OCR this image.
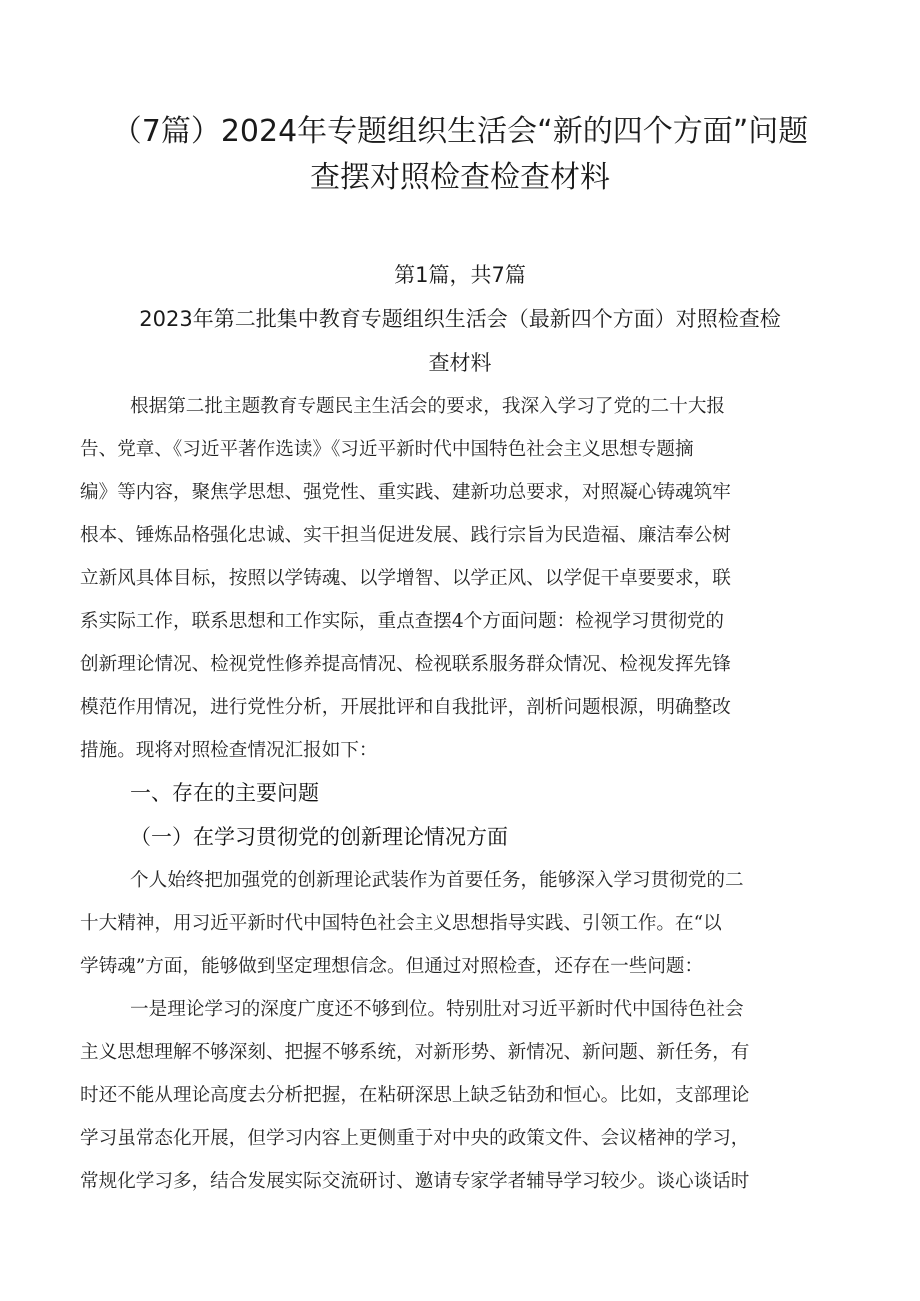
（7篇）2024年专题组织生活会“新的四个方面”问题
查摆对照检查检查材料
第1篇，共7篇
2023年第二批集中教育专题组织生活会（最新四个方面）对照检查检
查材料
根据第二批主题教育专题民主生活会的要求，我深入学习了党的二十大报
告、党章、《习近平著作选读》《习近平新时代中国特色社会主义思想专题摘
编》等内容，聚焦学思想、强党性、重实践、建新功总要求，对照凝心铸魂筑牢
根本、锤炼品格强化忠诚、实干担当促进发展、践行宗旨为民造福、廉洁奉公树
立新风具体目标，按照以学铸魂、以学增智、以学正风、以学促干卓要要求，联
系实际工作，联系思想和工作实际，重点查摆4个方面问题：检视学习贯彻党的
创新理论情况、检视党性修养提高情况、检视联系服务群众情况、检视发挥先锋
模范作用情况，进行党性分析，开展批评和自我批评，剖析问题根源，明确整改
措施。现将对照检查情况汇报如下：
一、存在的主要问题
（一）在学习贯彻党的创新理论情况方面
个人始终把加强党的创新理论武装作为首要任务，能够深入学习贯彻党的二
十大精神，用习近平新时代中国特色社会主义思想指导实践、引领工作。在“以
学铸魂”方面，能够做到坚定理想信念。但通过对照检查，还存在一些问题：
一是理论学习的深度广度还不够到位。特别肚对习近平新时代中国待色社会
主义思想理解不够深刻、把握不够系统，对新形势、新情况、新问题、新任务，有
时还不能从理论高度去分析把握，在粘研深思上缺乏钻劲和恒心。比如，支部理论
学习虽常态化开展，但学习内容上更侧重于对中央的政策文件、会议楮神的学习，
常规化学习多，结合发展实际交流研讨、邀请专家学者辅导学习较少。谈心谈话时
